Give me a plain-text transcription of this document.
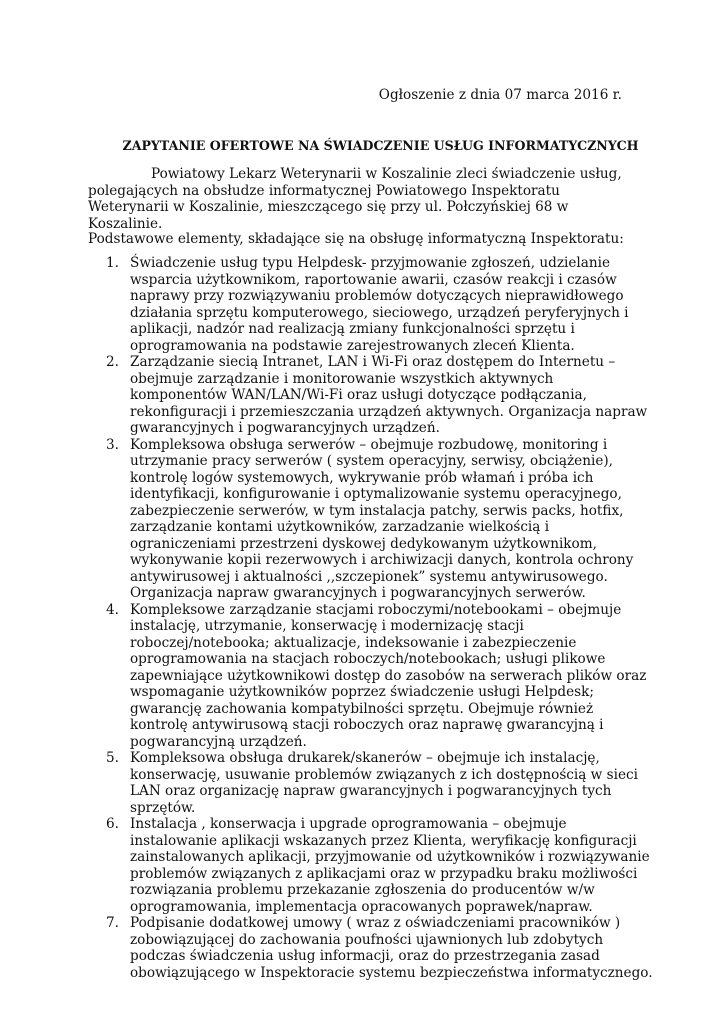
Ogłoszenie z dnia 07 marca 2016 r.
ZAPYTANIE OFERTOWE NA ŚWIADCZENIE USŁUG INFORMATYCZNYCH
Powiatowy Lekarz Weterynarii w Koszalinie zleci świadczenie usług, polegających na obsłudze informatycznej Powiatowego Inspektoratu Weterynarii w Koszalinie, mieszczącego się przy ul. Połczyńskiej 68 w Koszalinie.
Podstawowe elementy, składające się na obsługę informatyczną Inspektoratu:
1. Świadczenie usług typu Helpdesk- przyjmowanie zgłoszeń, udzielanie wsparcia użytkownikom, raportowanie awarii, czasów reakcji i czasów naprawy przy rozwiązywaniu problemów dotyczących nieprawidłowego działania sprzętu komputerowego, sieciowego, urządzeń peryferyjnych i aplikacji, nadzór nad realizacją zmiany funkcjonalności sprzętu i oprogramowania na podstawie zarejestrowanych zleceń Klienta.
2. Zarządzanie siecią Intranet, LAN i Wi-Fi oraz dostępem do Internetu – obejmuje zarządzanie i monitorowanie wszystkich aktywnych komponentów WAN/LAN/Wi-Fi oraz usługi dotyczące podłączania, rekonfiguracji i przemieszczania urządzeń aktywnych. Organizacja napraw gwarancyjnych i pogwarancyjnych urządzeń.
3. Kompleksowa obsługa serwerów – obejmuje rozbudowę, monitoring i utrzymanie pracy serwerów ( system operacyjny, serwisy, obciążenie), kontrolę logów systemowych, wykrywanie prób włamań i próba ich identyfikacji, konfigurowanie i optymalizowanie systemu operacyjnego, zabezpieczenie serwerów, w tym instalacja patchy, serwis packs, hotfix, zarządzanie kontami użytkowników, zarzadzanie wielkością i ograniczeniami przestrzeni dyskowej dedykowanym użytkownikom, wykonywanie kopii rezerwowych i archiwizacji danych, kontrola ochrony antywirusowej i aktualności ,,szczepionek” systemu antywirusowego. Organizacja napraw gwarancyjnych i pogwarancyjnych serwerów.
4. Kompleksowe zarządzanie stacjami roboczymi/notebookami – obejmuje instalację, utrzymanie, konserwację i modernizację stacji roboczej/notebooka; aktualizacje, indeksowanie i zabezpieczenie oprogramowania na stacjach roboczych/notebookach; usługi plikowe zapewniające użytkownikowi dostęp do zasobów na serwerach plików oraz wspomaganie użytkowników poprzez świadczenie usługi Helpdesk; gwarancję zachowania kompatybilności sprzętu. Obejmuje również kontrolę antywirusową stacji roboczych oraz naprawę gwarancyjną i pogwarancyjną urządzeń.
5. Kompleksowa obsługa drukarek/skanerów – obejmuje ich instalację, konserwację, usuwanie problemów związanych z ich dostępnością w sieci LAN oraz organizację napraw gwarancyjnych i pogwarancyjnych tych sprzętów.
6. Instalacja , konserwacja i upgrade oprogramowania – obejmuje instalowanie aplikacji wskazanych przez Klienta, weryfikację konfiguracji zainstalowanych aplikacji, przyjmowanie od użytkowników i rozwiązywanie problemów związanych z aplikacjami oraz w przypadku braku możliwości rozwiązania problemu przekazanie zgłoszenia do producentów w/w oprogramowania, implementacja opracowanych poprawek/napraw.
7. Podpisanie dodatkowej umowy ( wraz z oświadczeniami pracowników ) zobowiązującej do zachowania poufności ujawnionych lub zdobytych podczas świadczenia usług informacji, oraz do przestrzegania zasad obowiązującego w Inspektoracie systemu bezpieczeństwa informatycznego.
